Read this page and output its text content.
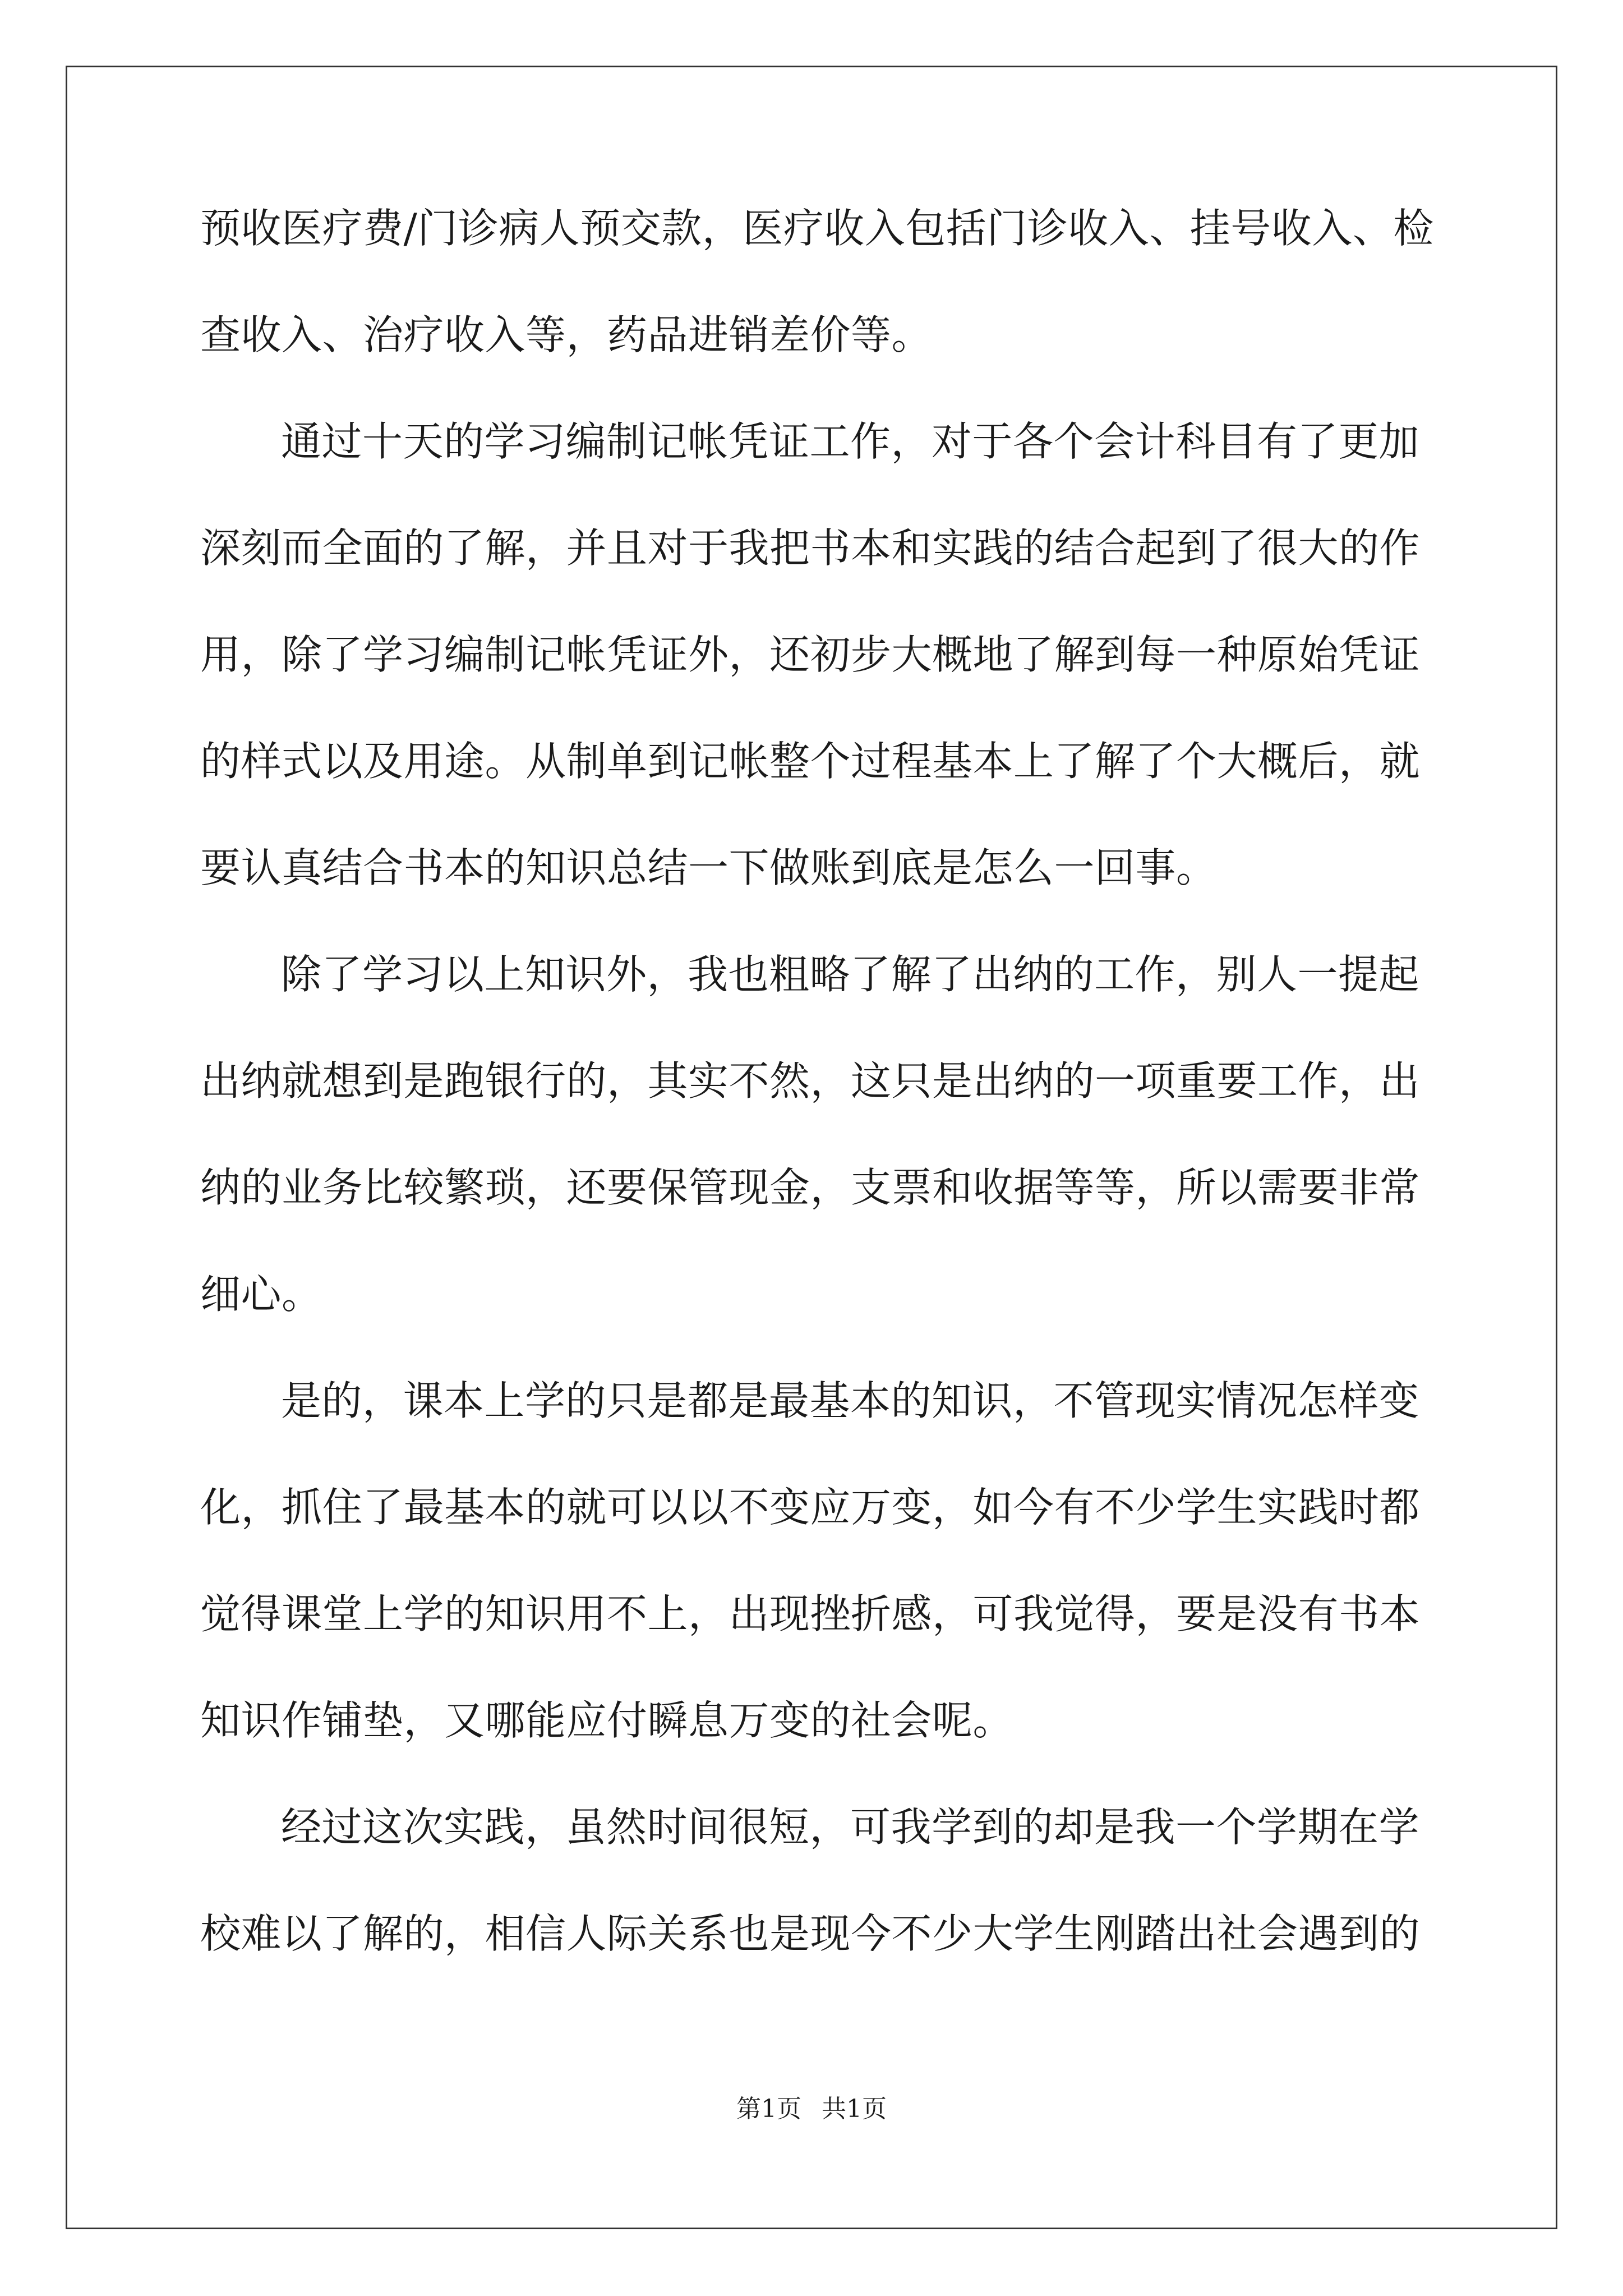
预收医疗费/门诊病人预交款，医疗收入包括门诊收入、挂号收入、检
查收入、治疗收入等，药品进销差价等。
通过十天的学习编制记帐凭证工作，对于各个会计科目有了更加
深刻而全面的了解，并且对于我把书本和实践的结合起到了很大的作
用，除了学习编制记帐凭证外，还初步大概地了解到每一种原始凭证
的样式以及用途。从制单到记帐整个过程基本上了解了个大概后，就
要认真结合书本的知识总结一下做账到底是怎么一回事。
除了学习以上知识外，我也粗略了解了出纳的工作，别人一提起
出纳就想到是跑银行的，其实不然，这只是出纳的一项重要工作，出
纳的业务比较繁琐，还要保管现金，支票和收据等等，所以需要非常
细心。
是的，课本上学的只是都是最基本的知识，不管现实情况怎样变
化，抓住了最基本的就可以以不变应万变，如今有不少学生实践时都
觉得课堂上学的知识用不上，出现挫折感，可我觉得，要是没有书本
知识作铺垫，又哪能应付瞬息万变的社会呢。
经过这次实践，虽然时间很短，可我学到的却是我一个学期在学
校难以了解的，相信人际关系也是现今不少大学生刚踏出社会遇到的
第1页 共1页
